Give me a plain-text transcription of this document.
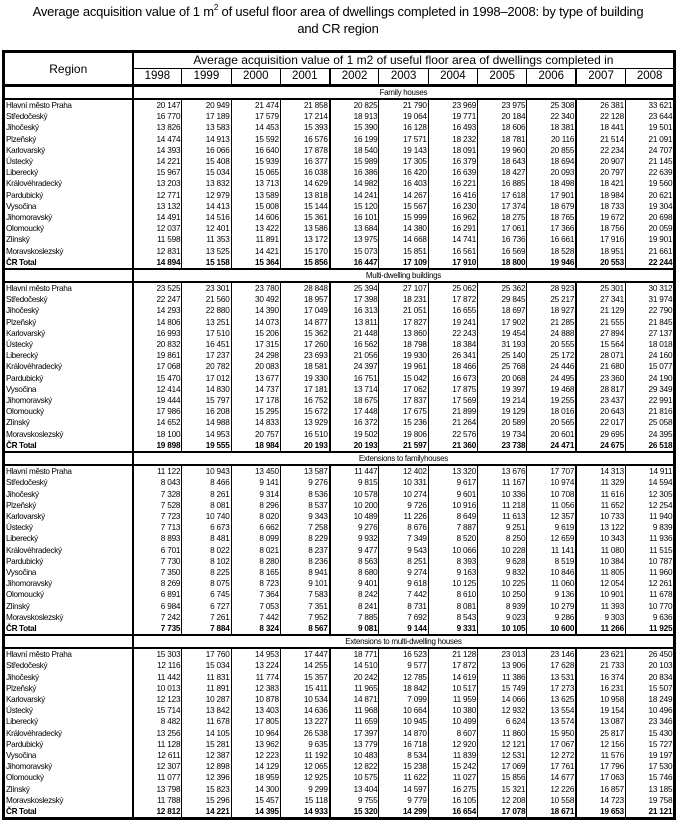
Average acquisition value of 1 $m^2$ of useful floor area of dwellings completed in 1998–2008: by type of building
and CR region
Region	Average acquisition value of 1 m2 of useful floor area of dwellings completed in										
	1998	1999	2000	2001	2002	2003	2004	2005	2006	2007	2008
	Family houses										
Hlavní město Praha	20 147	20 949	21 474	21 858	20 825	21 790	23 969	23 975	25 308	26 381	33 621
Středočeský	16 770	17 189	17 579	17 214	18 913	19 064	19 771	20 184	22 340	22 128	23 644
Jihočeský	13 826	13 583	14 453	15 393	15 390	16 128	16 493	18 606	18 381	18 441	19 501
Plzeňský	14 474	14 913	15 592	16 576	16 199	17 571	18 232	18 781	20 116	21 514	21 091
Karlovarský	14 393	16 066	16 640	17 878	18 540	19 143	18 091	19 960	20 855	22 234	24 707
Ústecký	14 221	15 408	15 939	16 377	15 989	17 305	16 379	18 643	18 694	20 907	21 145
Liberecký	15 967	15 034	15 065	16 038	16 386	16 420	16 639	18 427	20 093	20 797	22 639
Královéhradecký	13 203	13 832	13 713	14 629	14 982	16 403	16 221	16 885	18 498	18 421	19 560
Pardubický	12 771	12 979	13 589	13 818	14 241	14 267	16 416	17 618	17 901	18 984	20 621
Vysočina	13 132	14 413	15 008	15 144	15 120	15 567	16 230	17 374	18 679	18 733	19 304
Jihomoravský	14 491	14 516	14 606	15 361	16 101	15 999	16 962	18 275	18 765	19 672	20 698
Olomoucký	12 037	12 401	13 422	13 586	13 684	14 380	16 291	17 061	17 366	18 756	20 059
Zlínský	11 598	11 353	11 891	13 172	13 975	14 668	14 741	16 736	16 661	17 916	19 901
Moravskoslezský	12 831	13 525	14 421	15 170	15 073	15 851	16 561	16 569	18 528	18 951	21 661
ČR Total	14 894	15 158	15 364	15 856	16 447	17 109	17 910	18 800	19 946	20 553	22 244
	Multi-dwelling buildings										
Hlavní město Praha	23 525	23 301	23 780	28 848	25 394	27 107	25 062	25 362	28 923	25 301	30 312
Středočeský	22 247	21 560	30 492	18 957	17 398	18 231	17 872	29 845	25 217	27 341	31 974
Jihočeský	14 293	22 880	14 390	17 049	16 313	21 051	16 655	18 697	18 927	21 129	22 790
Plzeňský	14 806	13 251	14 073	14 877	13 811	17 827	19 241	17 902	21 285	21 555	21 845
Karlovarský	16 993	17 510	15 206	15 362	21 448	13 860	22 243	19 454	24 888	27 894	27 137
Ústecký	20 832	16 451	17 315	17 260	16 562	18 798	18 384	31 193	20 555	15 564	18 018
Liberecký	19 861	17 237	24 298	23 693	21 056	19 930	26 341	25 140	25 172	28 071	24 160
Královéhradecký	17 068	20 782	20 083	18 581	24 397	19 961	18 466	25 768	24 446	21 680	15 077
Pardubický	15 470	17 012	13 677	19 330	16 751	15 042	16 673	20 068	24 495	23 360	24 190
Vysočina	12 414	14 830	14 737	17 181	13 714	17 062	17 875	19 397	19 468	28 817	29 349
Jihomoravský	19 444	15 797	17 178	16 752	18 675	17 837	17 569	19 214	19 255	23 437	22 991
Olomoucký	17 986	16 208	15 295	15 672	17 448	17 675	21 899	19 129	18 016	20 643	21 816
Zlínský	14 652	14 988	14 833	13 929	16 372	15 236	21 264	20 589	20 565	22 017	25 058
Moravskoslezský	18 100	14 953	20 757	16 510	19 502	19 806	22 576	19 734	20 601	29 695	24 395
ČR Total	19 898	19 555	18 984	20 193	20 193	21 597	21 360	23 738	24 471	24 675	26 518
	Extensions to familyhouses										
Hlavní město Praha	11 122	10 943	13 450	13 587	11 447	12 402	13 320	13 676	17 707	14 313	14 911
Středočeský	8 043	8 466	9 141	9 276	9 815	10 331	9 617	11 167	10 974	11 329	14 594
Jihočeský	7 328	8 261	9 314	8 536	10 578	10 274	9 601	10 336	10 708	11 616	12 305
Plzeňský	7 528	8 081	8 296	8 537	10 200	9 726	10 916	11 218	11 056	11 652	12 254
Karlovarský	7 723	10 740	8 020	9 343	10 489	11 226	8 649	11 613	12 357	10 733	11 940
Ústecký	7 713	6 673	6 662	7 258	9 276	8 676	7 887	9 251	9 619	13 122	9 839
Liberecký	8 893	8 481	8 099	8 229	9 932	7 349	8 520	8 250	12 659	10 343	11 936
Královéhradecký	6 701	8 022	8 021	8 237	9 477	9 543	10 066	10 228	11 141	11 080	11 515
Pardubický	7 730	8 102	8 280	8 236	8 563	8 251	8 393	9 628	8 519	10 384	10 787
Vysočina	7 350	8 225	8 165	8 941	8 680	9 274	9 163	9 832	10 846	11 805	11 960
Jihomoravský	8 269	8 075	8 723	9 101	9 401	9 618	10 125	10 225	11 060	12 054	12 261
Olomoucký	6 891	6 745	7 364	7 583	8 242	7 442	8 610	10 250	9 136	10 901	11 678
Zlínský	6 984	6 727	7 053	7 351	8 241	8 731	8 081	8 939	10 279	11 393	10 770
Moravskoslezský	7 242	7 261	7 442	7 952	7 885	7 692	8 543	9 023	9 286	9 303	9 636
ČR Total	7 735	7 884	8 324	8 567	9 081	9 144	9 331	10 105	10 600	11 266	11 925
	Extensions to multi-dwelling houses										
Hlavní město Praha	15 303	17 760	14 953	17 447	18 771	16 523	21 128	23 013	23 146	23 621	26 450
Středočeský	12 116	15 034	13 224	14 255	14 510	9 577	17 872	13 906	17 628	21 733	20 103
Jihočeský	11 442	11 831	11 774	15 357	20 242	12 785	14 619	11 386	13 531	16 374	20 834
Plzeňský	10 013	11 891	12 383	15 411	11 965	18 842	10 517	15 749	17 273	16 231	15 507
Karlovarský	12 123	10 287	10 878	10 534	14 871	7 099	11 959	14 066	13 625	10 958	18 249
Ústecký	15 714	13 842	13 403	14 636	11 968	10 664	10 380	12 932	13 554	19 154	10 496
Liberecký	8 482	11 678	17 805	13 227	11 659	10 945	10 499	6 624	13 574	13 087	23 346
Královéhradecký	13 256	14 105	10 964	26 538	17 397	14 870	8 607	11 860	15 950	25 817	15 430
Pardubický	11 128	15 281	13 962	9 635	13 779	16 718	12 920	12 121	17 067	12 156	15 727
Vysočina	12 611	12 387	12 223	11 192	10 483	8 534	11 839	12 531	12 272	11 576	19 197
Jihomoravský	12 307	12 898	14 129	12 065	12 822	15 238	15 242	17 069	17 761	17 796	17 530
Olomoucký	11 077	12 396	18 959	12 925	10 575	11 622	11 027	15 856	14 677	17 063	15 746
Zlínský	13 798	15 823	14 300	9 299	13 404	14 597	16 275	15 321	12 226	16 857	13 185
Moravskoslezský	11 788	15 296	15 457	15 118	9 755	9 779	16 105	12 208	10 558	14 723	19 758
ČR Total	12 812	14 221	14 395	14 933	15 320	14 299	16 654	17 078	18 671	19 653	21 121
